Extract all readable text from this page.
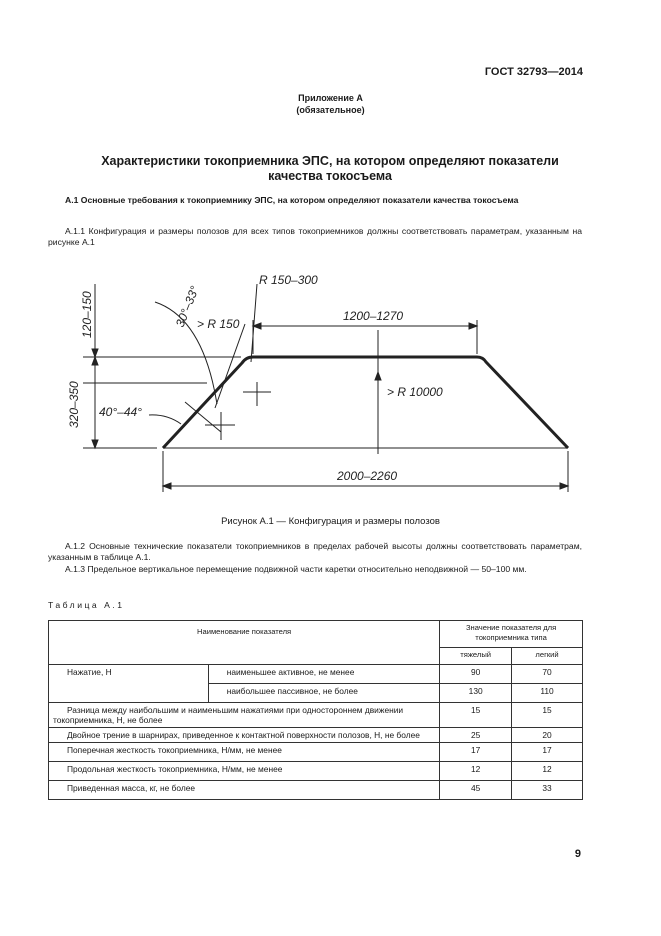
ГОСТ 32793—2014
Приложение А
(обязательное)
Характеристики токоприемника ЭПС, на котором определяют показатели
качества токосъема
А.1 Основные требования к токоприемнику ЭПС, на котором определяют показатели качества токосъема
А.1.1 Конфигурация и размеры полозов для всех типов токоприемников должны соответствовать параметрам, указанным на рисунке А.1
R 150–300
> R 150
30°–33°
120–150
320–350 40°–44°
1200–1270
> R 10000
2000–2260
Рисунок А.1 — Конфигурация и размеры полозов
А.1.2 Основные технические показатели токоприемников в пределах рабочей высоты должны соответствовать параметрам, указанным в таблице А.1.
А.1.3 Предельное вертикальное перемещение подвижной части каретки относительно неподвижной — 50–100 мм.
Таблица А.1
Наименование показателя		Значение показателя для токоприемника типа	
		тяжелый	легкий
Нажатие, Н	наименьшее активное, не менее	90	70
	наибольшее пассивное, не более	130	110
Разница между наибольшим и наименьшим нажатиями при одностороннем движении токоприемника, Н, не более		15	15
Двойное трение в шарнирах, приведенное к контактной поверхности полозов, Н, не более		25	20
Поперечная жесткость токоприемника, Н/мм, не менее		17	17
Продольная жесткость токоприемника, Н/мм, не менее		12	12
Приведенная масса, кг, не более		45	33
9
